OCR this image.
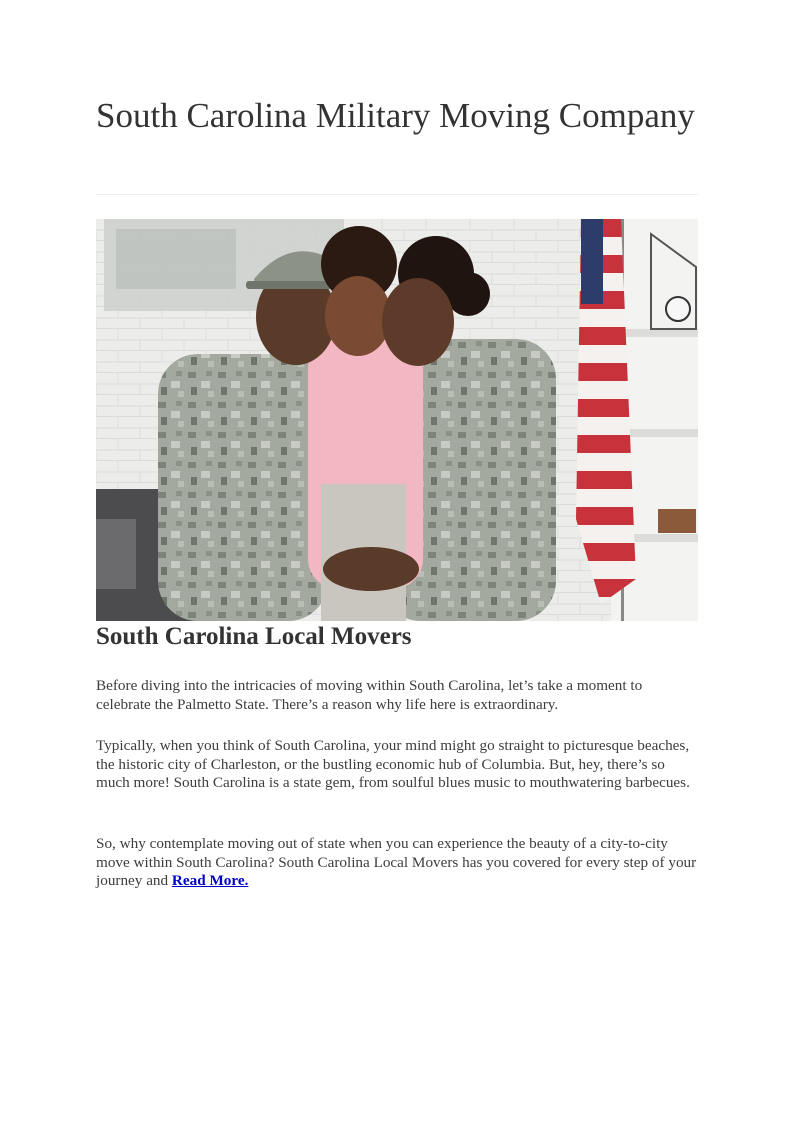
South Carolina Military Moving Company
South Carolina Local Movers

Before diving into the intricacies of moving within South Carolina, let’s take a moment to celebrate the Palmetto State. There’s a reason why life here is extraordinary.

Typically, when you think of South Carolina, your mind might go straight to picturesque beaches, the historic city of Charleston, or the bustling economic hub of Columbia. But, hey, there’s so much more! South Carolina is a state gem, from soulful blues music to mouthwatering barbecues.

So, why contemplate moving out of state when you can experience the beauty of a city-to-city move within South Carolina? South Carolina Local Movers has you covered for every step of your journey and Read More.
